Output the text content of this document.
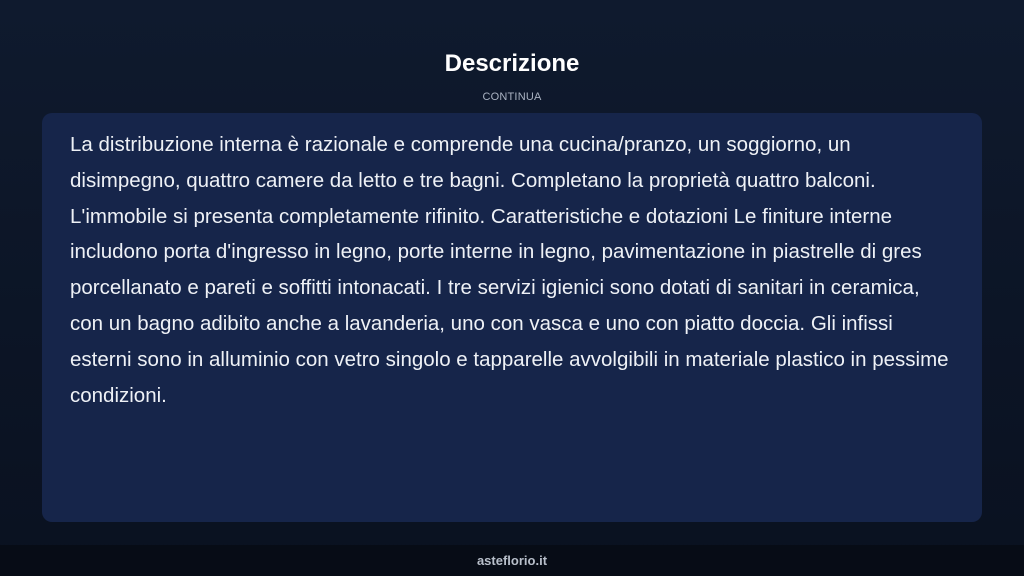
Descrizione
CONTINUA

La distribuzione interna è razionale e comprende una cucina/pranzo, un soggiorno, un disimpegno, quattro camere da letto e tre bagni. Completano la proprietà quattro balconi. L'immobile si presenta completamente rifinito. Caratteristiche e dotazioni Le finiture interne includono porta d'ingresso in legno, porte interne in legno, pavimentazione in piastrelle di gres porcellanato e pareti e soffitti intonacati. I tre servizi igienici sono dotati di sanitari in ceramica, con un bagno adibito anche a lavanderia, uno con vasca e uno con piatto doccia. Gli infissi esterni sono in alluminio con vetro singolo e tapparelle avvolgibili in materiale plastico in pessime condizioni.

asteflorio.it
